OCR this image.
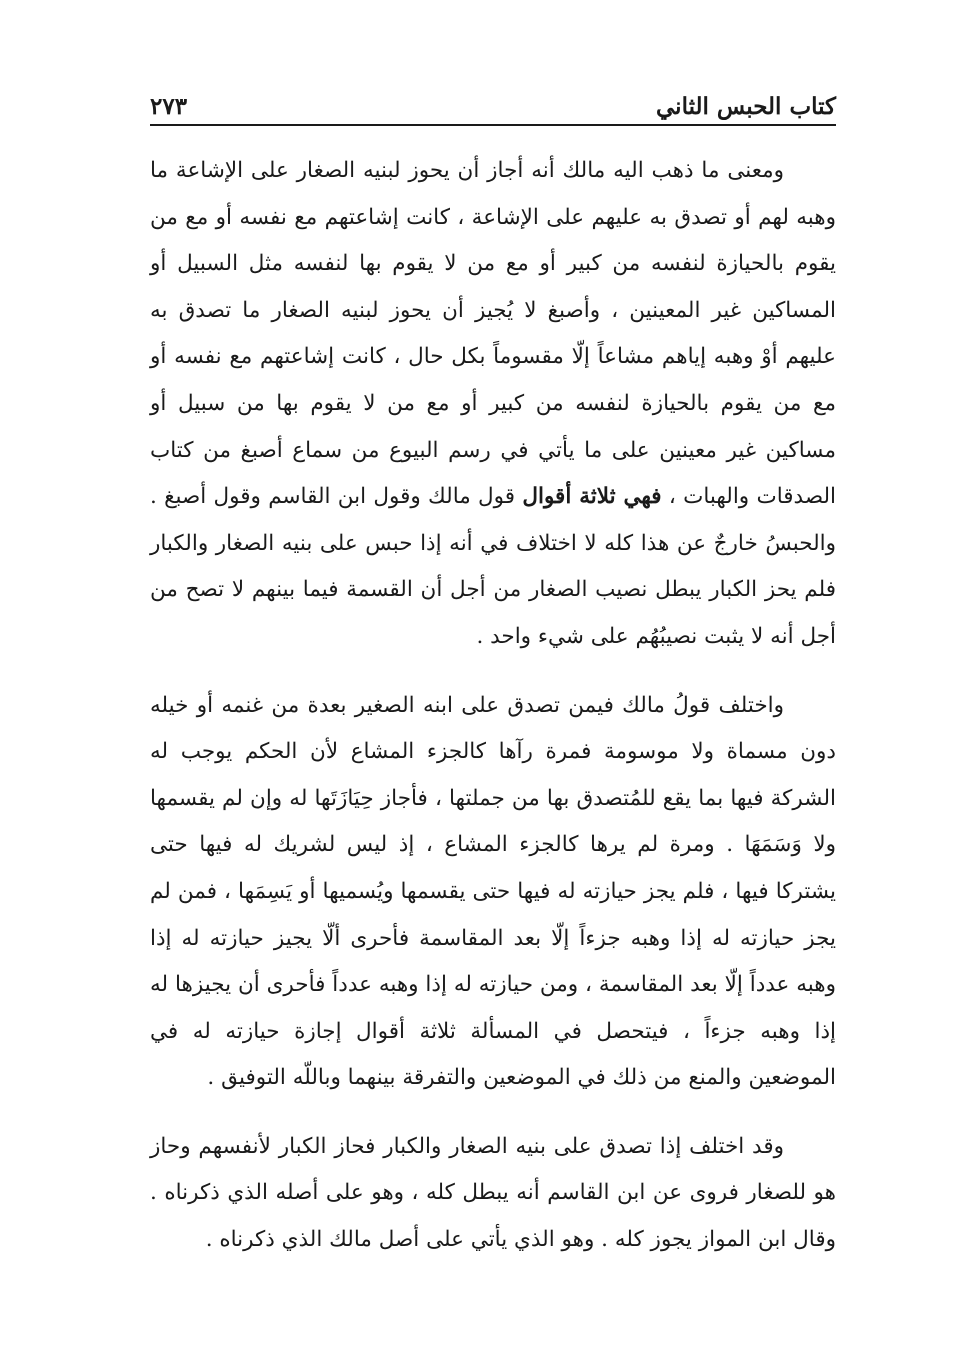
كتاب الحبس الثاني
٢٧٣

ومعنى ما ذهب اليه مالك أنه أجاز أن يحوز لبنيه الصغار على الإشاعة ما وهبه لهم أو تصدق به عليهم على الإشاعة ، كانت إشاعتهم مع نفسه أو مع من يقوم بالحيازة لنفسه من كبير أو مع من لا يقوم بها لنفسه مثل السبيل أو المساكين غير المعينين ، وأصبغ لا يُجيز أن يحوز لبنيه الصغار ما تصدق به عليهم أوْ وهبه إياهم مشاعاً إلّا مقسوماً بكل حال ، كانت إشاعتهم مع نفسه أو مع من يقوم بالحيازة لنفسه من كبير أو مع من لا يقوم بها من سبيل أو مساكين غير معينين على ما يأتي في رسم البيوع من سماع أصبغ من كتاب الصدقات والهبات ، فهي ثلاثة أقوال قول مالك وقول ابن القاسم وقول أصبغ . والحبسُ خارجٌ عن هذا كله لا اختلاف في أنه إذا حبس على بنيه الصغار والكبار فلم يحز الكبار يبطل نصيب الصغار من أجل أن القسمة فيما بينهم لا تصح من أجل أنه لا يثبت نصيبُهُم على شيء واحد .

واختلف قولُ مالك فيمن تصدق على ابنه الصغير بعدة من غنمه أو خيله دون مسماة ولا موسومة فمرة رآها كالجزء المشاع لأن الحكم يوجب له الشركة فيها بما يقع للمُتصدق بها من جملتها ، فأجاز حِيَازَتَها له وإن لم يقسمها ولا وَسَمَهَا . ومرة لم يرها كالجزء المشاع ، إذ ليس لشريك له فيها حتى يشتركا فيها ، فلم يجز حيازته له فيها حتى يقسمها ويُسميها أو يَسِمَها ، فمن لم يجز حيازته له إذا وهبه جزءاً إلّا بعد المقاسمة فأحرى ألّا يجيز حيازته له إذا وهبه عدداً إلّا بعد المقاسمة ، ومن حيازته له إذا وهبه عدداً فأحرى أن يجيزها له إذا وهبه جزءاً ، فيتحصل في المسألة ثلاثة أقوال إجازة حيازته له في الموضعين والمنع من ذلك في الموضعين والتفرقة بينهما وباللّه التوفيق .

وقد اختلف إذا تصدق على بنيه الصغار والكبار فحاز الكبار لأنفسهم وحاز هو للصغار فروى عن ابن القاسم أنه يبطل كله ، وهو على أصله الذي ذكرناه . وقال ابن المواز يجوز كله . وهو الذي يأتي على أصل مالك الذي ذكرناه .
